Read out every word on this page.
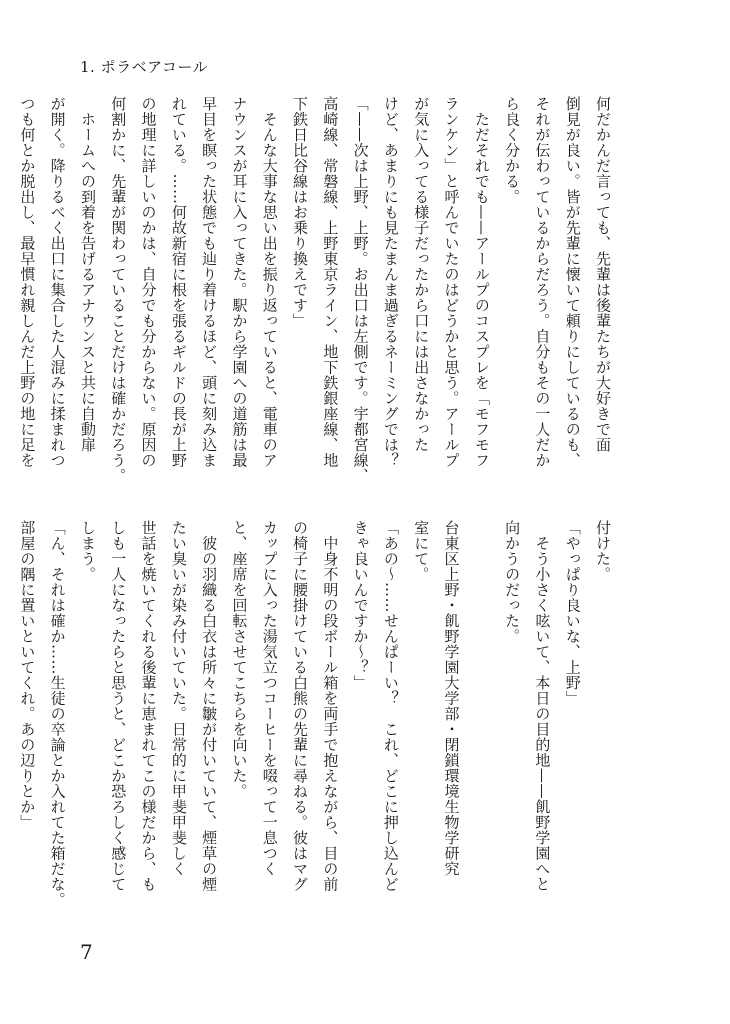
1. ポラベアコール
何だかんだ言っても、先輩は後輩たちが大好きで面
倒見が良い。皆が先輩に懐いて頼りにしているのも、
それが伝わっているからだろう。自分もその一人だか
ら良く分かる。
　ただそれでも——アールプのコスプレを「モフモフ
ランケン」と呼んでいたのはどうかと思う。アールプ
が気に入ってる様子だったから口には出さなかった
けど、あまりにも見たまんま過ぎるネーミングでは？
「——次は上野、上野。お出口は左側です。宇都宮線、
高崎線、常磐線、上野東京ライン、地下鉄銀座線、地
下鉄日比谷線はお乗り換えです」
　そんな大事な思い出を振り返っていると、電車のア
ナウンスが耳に入ってきた。駅から学園への道筋は最
早目を瞑った状態でも辿り着けるほど、頭に刻み込ま
れている。……何故新宿に根を張るギルドの長が上野
の地理に詳しいのかは、自分でも分からない。原因の
何割かに、先輩が関わっていることだけは確かだろう。
　ホームへの到着を告げるアナウンスと共に自動扉
が開く。降りるべく出口に集合した人混みに揉まれつ
つも何とか脱出し、最早慣れ親しんだ上野の地に足を
付けた。
「やっぱり良いな、上野」
　そう小さく呟いて、本日の目的地——飢野学園へと
向かうのだった。

台東区上野・飢野学園大学部・閉鎖環境生物学研究
室にて。
「あの〜……せんぱーい？　これ、どこに押し込んど
きゃ良いんですか〜？」
　中身不明の段ボール箱を両手で抱えながら、目の前
の椅子に腰掛けている白熊の先輩に尋ねる。彼はマグ
カップに入った湯気立つコーヒーを啜って一息つく
と、座席を回転させてこちらを向いた。
　彼の羽織る白衣は所々に皺が付いていて、煙草の煙
たい臭いが染み付いていた。日常的に甲斐甲斐しく
世話を焼いてくれる後輩に恵まれてこの様だから、も
しも一人になったらと思うと、どこか恐ろしく感じて
しまう。
「ん、それは確か……生徒の卒論とか入れてた箱だな。
部屋の隅に置いといてくれ。あの辺りとか」
7
